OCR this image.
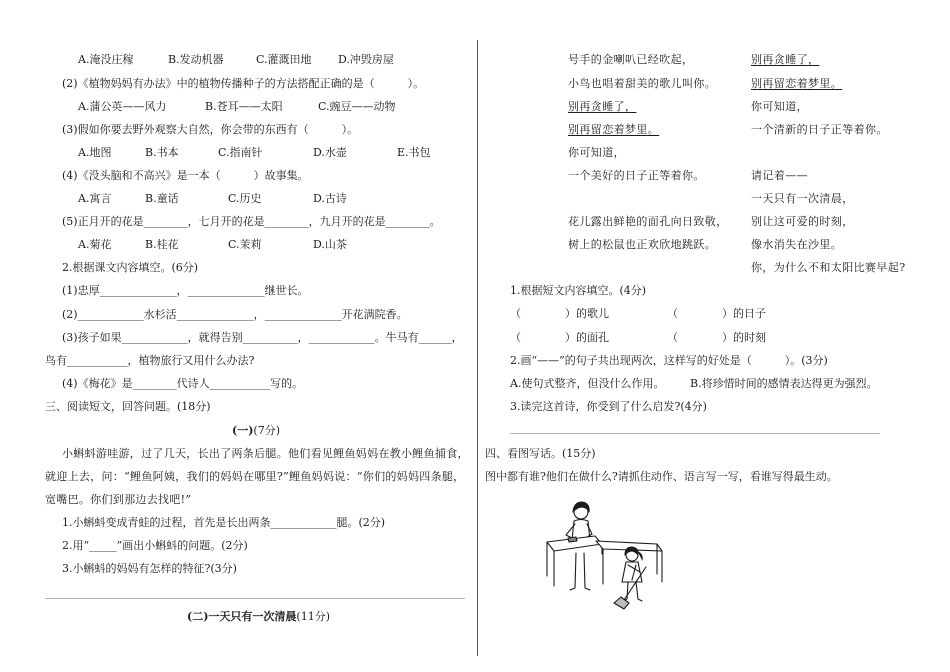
A.淹没庄稼	B.发动机器	C.灌溉田地 D.冲毁房屋
(2)《植物妈妈有办法》中的植物传播种子的方法搭配正确的是（　　　）。
A.蒲公英——风力	B.苍耳——太阳	C.豌豆——动物
(3)假如你要去野外观察大自然，你会带的东西有（　　　）。
A.地图	B.书本	C.指南针	D.水壶	E.书包
(4)《没头脑和不高兴》是一本（　　　）故事集。
A.寓言	B.童话	C.历史	D.古诗
(5)正月开的花是________，七月开的花是________，九月开的花是________。
A.菊花	B.桂花	C.茉莉	D.山茶
2.根据课文内容填空。(6分)
(1)忠厚______________，______________继世长。
(2)____________水杉活______________，______________开花满院香。
(3)孩子如果____________，就得告别__________，____________。牛马有______，
鸟有___________，植物旅行又用什么办法?
(4)《梅花》是________代诗人___________写的。
三、阅读短文，回答问题。(18分)
(一)(7分)
小蝌蚪游哇游，过了几天，长出了两条后腿。他们看见鲤鱼妈妈在教小鲤鱼捕食，
就迎上去，问：“鲤鱼阿姨，我们的妈妈在哪里?”鲤鱼妈妈说：“你们的妈妈四条腿，
宽嘴巴。你们到那边去找吧!”
1.小蝌蚪变成青蛙的过程，首先是长出两条____________腿。(2分)
2.用“_____”画出小蝌蚪的问题。(2分)
3.小蝌蚪的妈妈有怎样的特征?(3分)
(二)一天只有一次清晨(11分)
号手的金喇叭已经吹起，
小鸟也唱着甜美的歌儿叫你。
别再贪睡了，
别再留恋着梦里。
你可知道，
一个美好的日子正等着你。
花儿露出鲜艳的面孔向日致敬，
树上的松鼠也正欢欣地跳跃。
别再贪睡了，
别再留恋着梦里。
你可知道，
一个清新的日子正等着你。
请记着——
一天只有一次清晨，
别让这可爱的时刻，
像水消失在沙里。
你，为什么不和太阳比赛早起?
1.根据短文内容填空。(4分)
（　　　　）的歌儿	（　　　　）的日子
（　　　　）的面孔	（　　　　）的时刻
2.画“——”的句子共出现两次，这样写的好处是（　　　）。(3分)
A.使句式整齐，但没什么作用。 B.将珍惜时间的感情表达得更为强烈。
3.读完这首诗，你受到了什么启发?(4分)
四、看图写话。(15分)
图中都有谁?他们在做什么?请抓住动作、语言写一写，看谁写得最生动。
